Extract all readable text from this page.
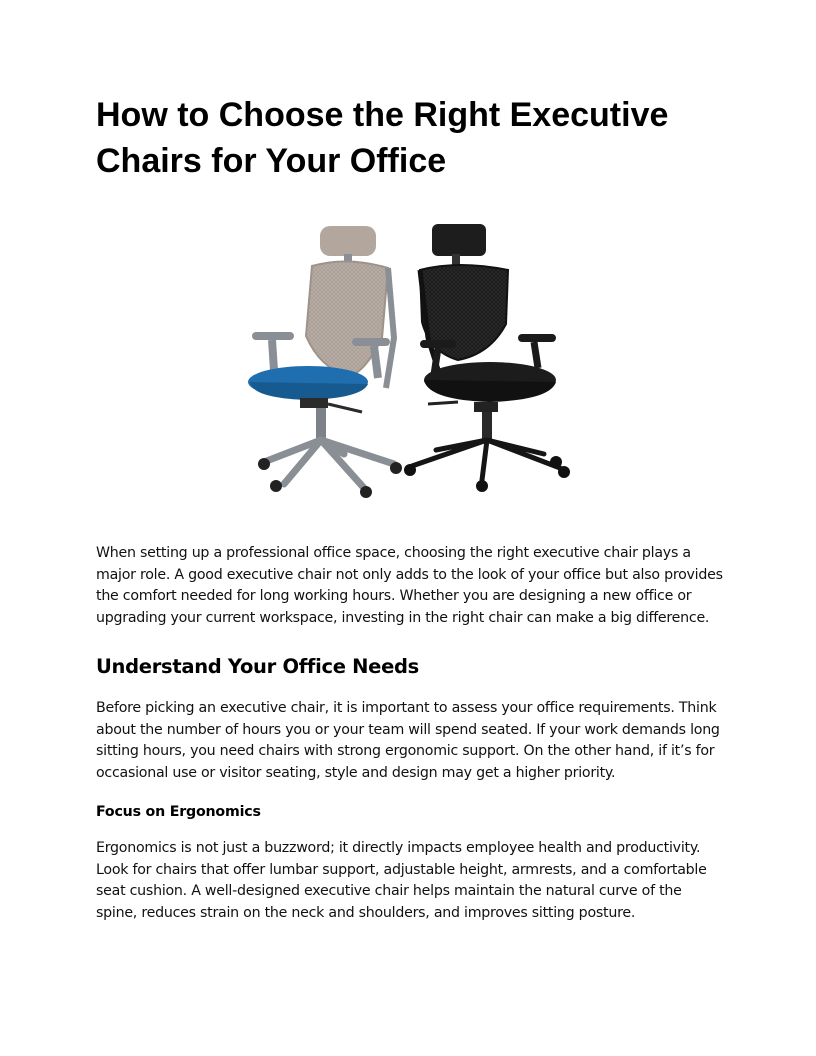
How to Choose the Right Executive Chairs for Your Office

When setting up a professional office space, choosing the right executive chair plays a major role. A good executive chair not only adds to the look of your office but also provides the comfort needed for long working hours. Whether you are designing a new office or upgrading your current workspace, investing in the right chair can make a big difference.

Understand Your Office Needs

Before picking an executive chair, it is important to assess your office requirements. Think about the number of hours you or your team will spend seated. If your work demands long sitting hours, you need chairs with strong ergonomic support. On the other hand, if it’s for occasional use or visitor seating, style and design may get a higher priority.

Focus on Ergonomics

Ergonomics is not just a buzzword; it directly impacts employee health and productivity. Look for chairs that offer lumbar support, adjustable height, armrests, and a comfortable seat cushion. A well-designed executive chair helps maintain the natural curve of the spine, reduces strain on the neck and shoulders, and improves sitting posture.
